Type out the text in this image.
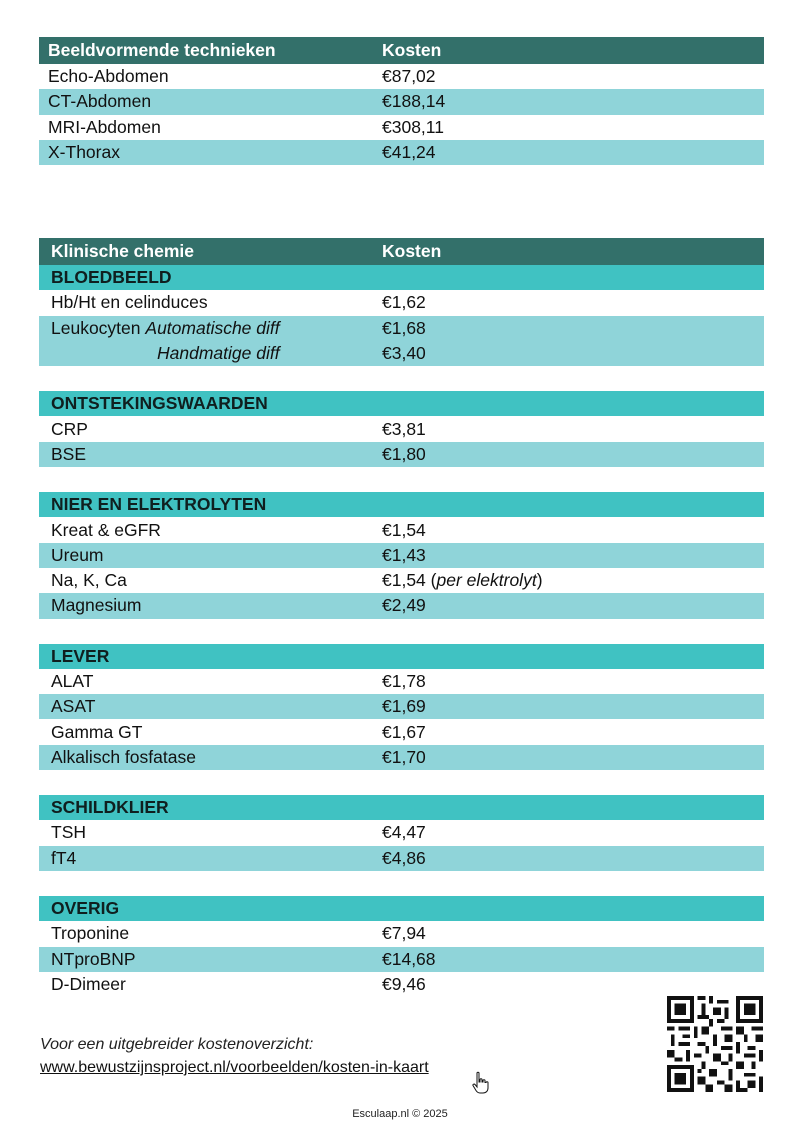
Beeldvormende technieken	Kosten
Echo-Abdomen	€87,02
CT-Abdomen	€188,14
MRI-Abdomen	€308,11
X-Thorax	€41,24
Klinische chemie	Kosten
BLOEDBEELD
Hb/Ht en celinduces	€1,62
Leukocyten Automatische diff	€1,68
Handmatige diff	€3,40
ONTSTEKINGSWAARDEN
CRP	€3,81
BSE	€1,80
NIER EN ELEKTROLYTEN
Kreat & eGFR	€1,54
Ureum	€1,43
Na, K, Ca	€1,54 (per elektrolyt)
Magnesium	€2,49
LEVER
ALAT	€1,78
ASAT	€1,69
Gamma GT	€1,67
Alkalisch fosfatase	€1,70
SCHILDKLIER
TSH	€4,47
fT4	€4,86
OVERIG
Troponine	€7,94
NTproBNP	€14,68
D-Dimeer	€9,46
Voor een uitgebreider kostenoverzicht:
www.bewustzijnsproject.nl/voorbeelden/kosten-in-kaart
Esculaap.nl © 2025
